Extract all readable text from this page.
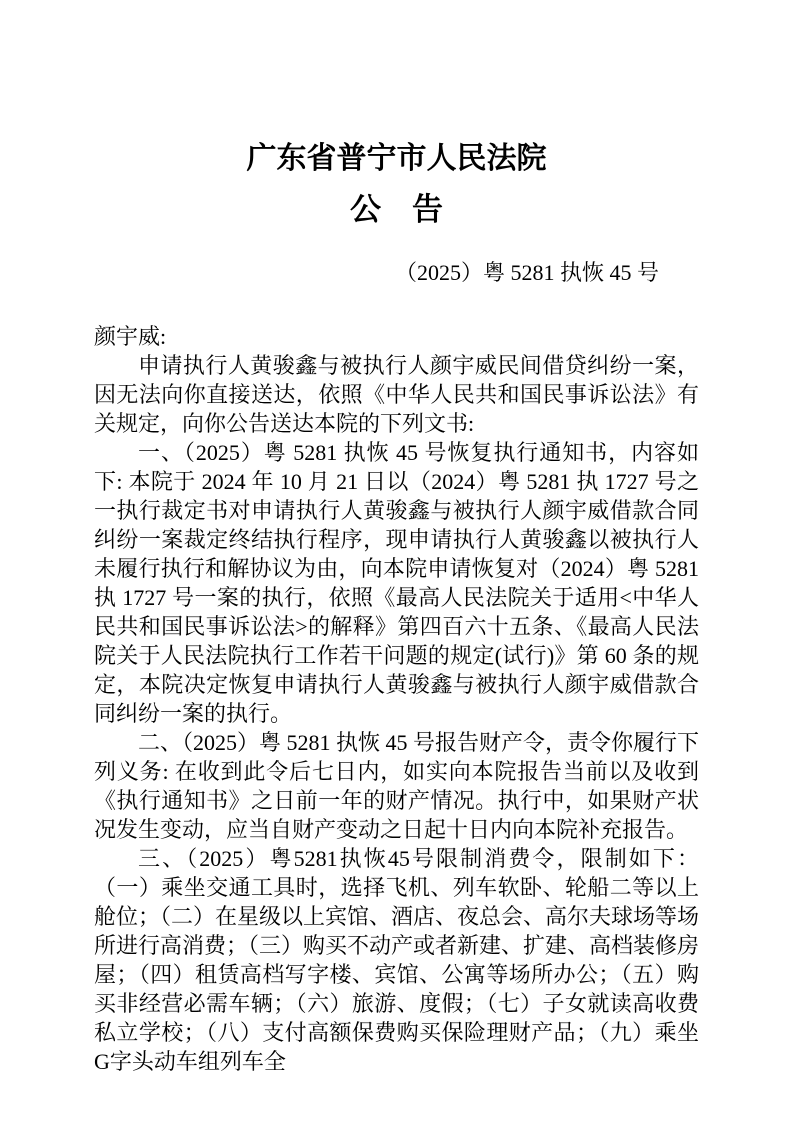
广东省普宁市人民法院
公　告
（2025）粤 5281 执恢 45 号

颜宇威:

申请执行人黄骏鑫与被执行人颜宇威民间借贷纠纷一案，因无法向你直接送达，依照《中华人民共和国民事诉讼法》有关规定，向你公告送达本院的下列文书:

一、（2025）粤 5281 执恢 45 号恢复执行通知书，内容如下: 本院于 2024 年 10 月 21 日以（2024）粤 5281 执 1727 号之一执行裁定书对申请执行人黄骏鑫与被执行人颜宇威借款合同纠纷一案裁定终结执行程序，现申请执行人黄骏鑫以被执行人未履行执行和解协议为由，向本院申请恢复对（2024）粤 5281 执 1727 号一案的执行，依照《最高人民法院关于适用<中华人民共和国民事诉讼法>的解释》第四百六十五条、《最高人民法院关于人民法院执行工作若干问题的规定(试行)》第 60 条的规定，本院决定恢复申请执行人黄骏鑫与被执行人颜宇威借款合同纠纷一案的执行。

二、（2025）粤 5281 执恢 45 号报告财产令，责令你履行下列义务: 在收到此令后七日内，如实向本院报告当前以及收到《执行通知书》之日前一年的财产情况。执行中，如果财产状况发生变动，应当自财产变动之日起十日内向本院补充报告。

三、（2025）粤5281执恢45号限制消费令，限制如下：（一）乘坐交通工具时，选择飞机、列车软卧、轮船二等以上舱位；（二）在星级以上宾馆、酒店、夜总会、高尔夫球场等场所进行高消费；（三）购买不动产或者新建、扩建、高档装修房屋；（四）租赁高档写字楼、宾馆、公寓等场所办公；（五）购买非经营必需车辆；（六）旅游、度假；（七）子女就读高收费私立学校；（八）支付高额保费购买保险理财产品；（九）乘坐G字头动车组列车全
